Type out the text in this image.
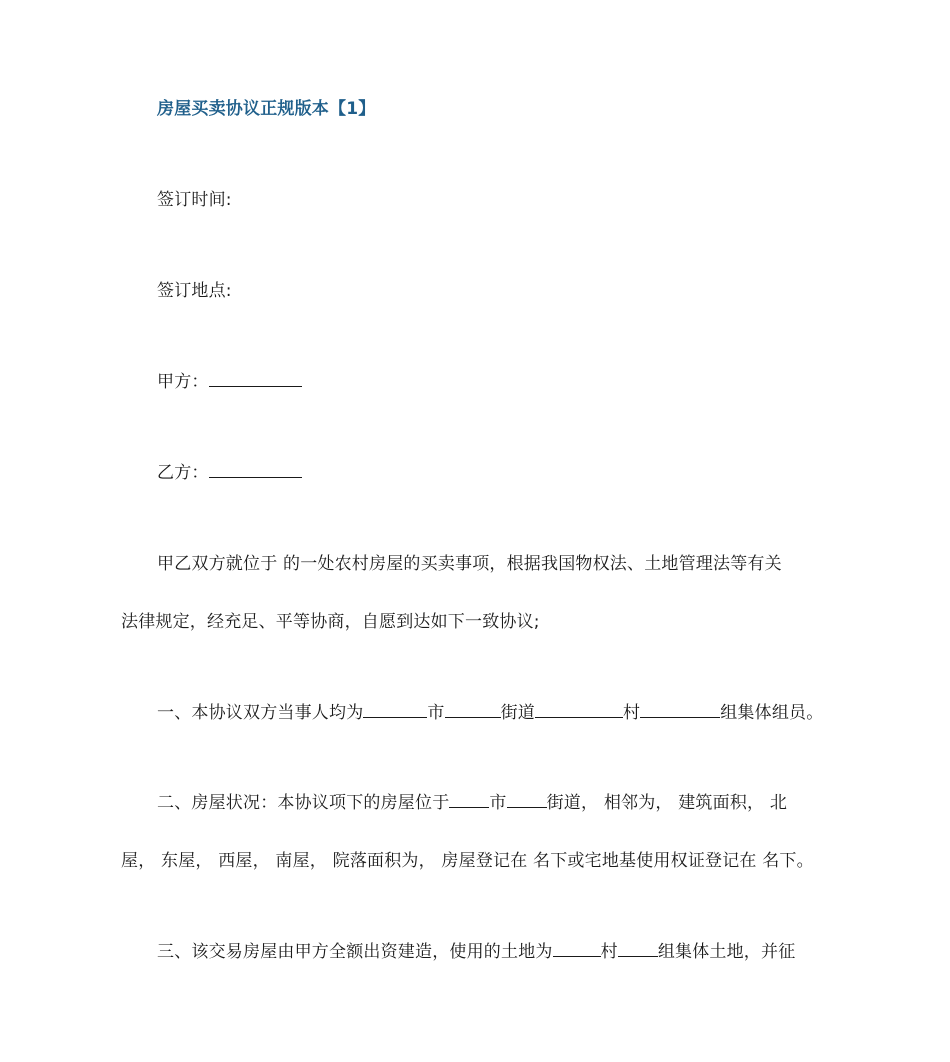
房屋买卖协议正规版本【1】
签订时间:
签订地点:
甲方：
乙方：
甲乙双方就位于 的一处农村房屋的买卖事项，根据我国物权法、土地管理法等有关
法律规定，经充足、平等协商，自愿到达如下一致协议;
一、本协议双方当事人均为	市	街道	村	组集体组员。
二、房屋状况：本协议项下的房屋位于 市 街道， 相邻为， 建筑面积， 北
屋， 东屋， 西屋， 南屋， 院落面积为， 房屋登记在 名下或宅地基使用权证登记在 名下。
三、该交易房屋由甲方全额出资建造，使用的土地为	村 组集体土地，并征
